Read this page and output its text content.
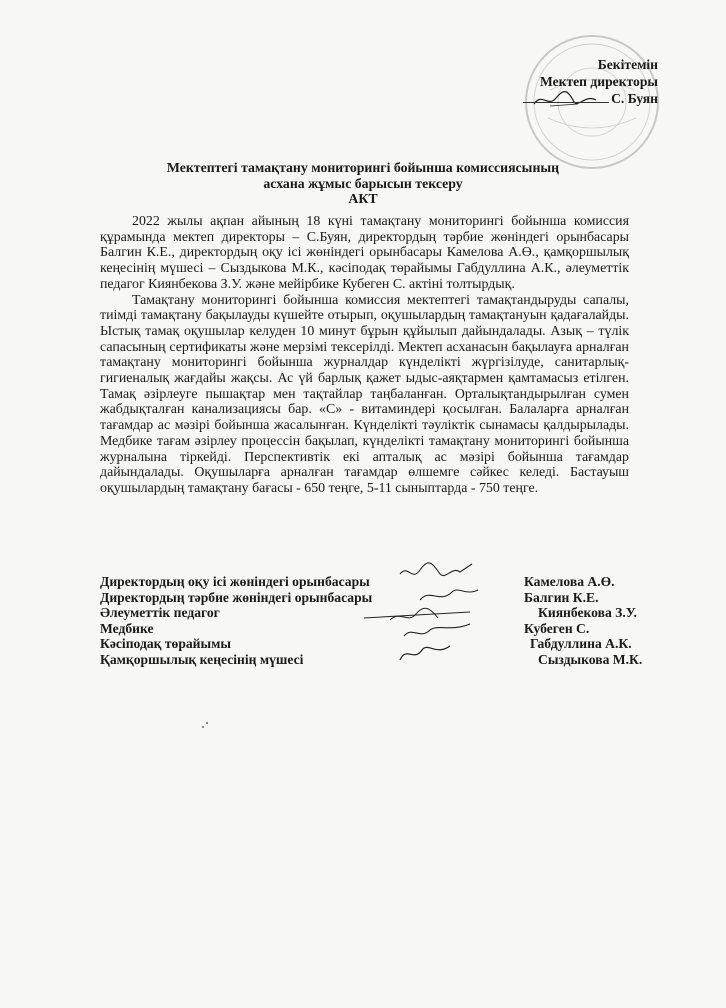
Бекітемін
Мектеп директоры
С. Буян
Мектептегі тамақтану мониторингі бойынша комиссиясының
асхана жұмыс барысын тексеру
АКТ

2022 жылы ақпан айының 18 күні тамақтану мониторингі бойынша комиссия құрамында мектеп директоры – С.Буян, директордың тәрбие жөніндегі орынбасары Балгин К.Е., директордың оқу ісі жөніндегі орынбасары Камелова А.Ө., қамқоршылық кеңесінің мүшесі – Сыздыкова М.К., кәсіподақ төрайымы Габдуллина А.К., әлеуметтік педагог Киянбекова З.У. және мейірбике Кубеген С. актіні толтырдық.

Тамақтану мониторингі бойынша комиссия мектептегі тамақтандыруды сапалы, тиімді тамақтану бақылауды күшейте отырып, оқушылардың тамақтануын қадағалайды. Ыстық тамақ оқушылар келуден 10 минут бұрын құйылып дайындалады. Азық – түлік сапасының сертификаты және мерзімі тексерілді. Мектеп асханасын бақылауға арналған тамақтану мониторингі бойынша журналдар күнделікті жүргізілуде, санитарлық-гигиеналық жағдайы жақсы. Ас үй барлық қажет ыдыс-аяқтармен қамтамасыз етілген. Тамақ әзірлеуге пышақтар мен тақтайлар таңбаланған. Орталықтандырылған сумен жабдықталған канализациясы бар. «С» - витаминдері қосылған. Балаларға арналған тағамдар ас мәзірі бойынша жасалынған. Күнделікті тәуліктік сынамасы қалдырылады. Медбике тағам әзірлеу процессін бақылап, күнделікті тамақтану мониторингі бойынша журналына тіркейді. Перспективтік екі апталық ас мәзірі бойынша тағамдар дайындалады. Оқушыларға арналған тағамдар өлшемге сәйкес келеді. Бастауыш оқушылардың тамақтану бағасы - 650 теңге, 5-11 сыныптарда - 750 теңге.

Директордың оқу ісі жөніндегі орынбасары	Камелова А.Ө.
Директордың тәрбие жөніндегі орынбасары	Балгин К.Е.
Әлеуметтік педагог	Киянбекова З.У.
Медбике	Кубеген С.
Кәсіподақ төрайымы	Габдуллина А.К.
Қамқоршылық кеңесінің мүшесі	Сыздыкова М.К.
